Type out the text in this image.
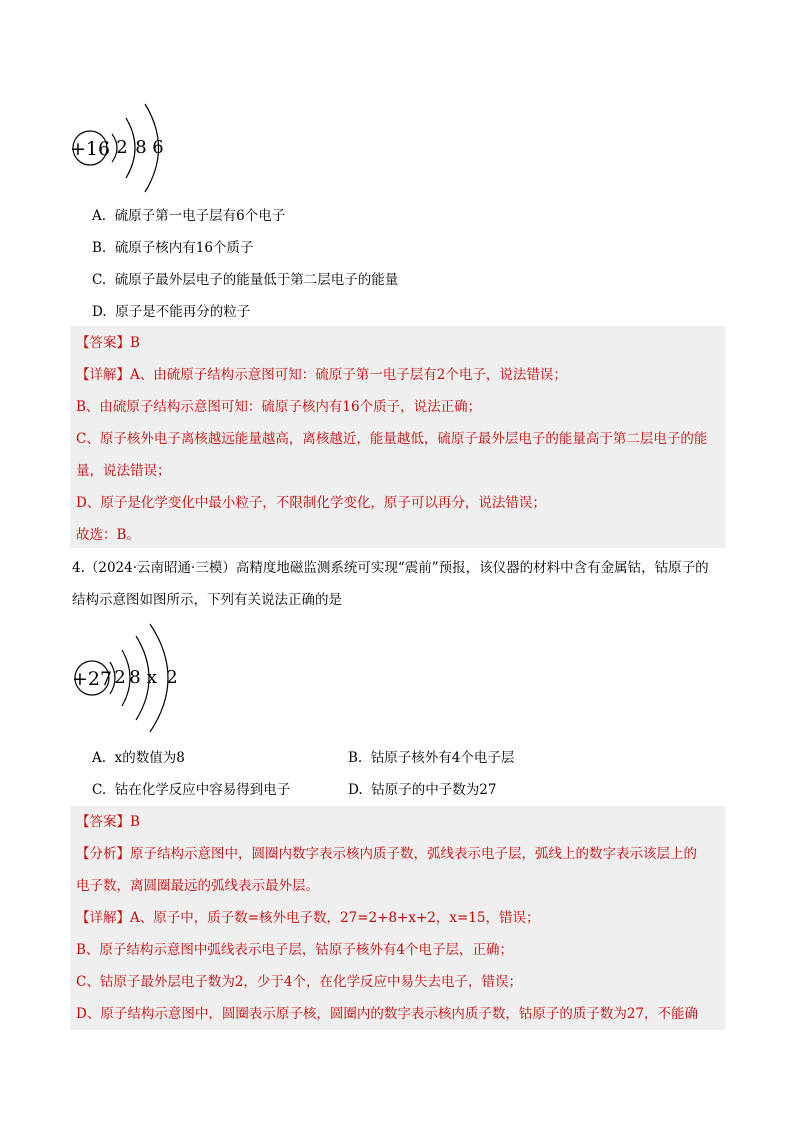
+16 2 8 6
A. 硫原子第一电子层有6个电子
B. 硫原子核内有16个质子
C. 硫原子最外层电子的能量低于第二层电子的能量
D. 原子是不能再分的粒子
【答案】B
【详解】A、由硫原子结构示意图可知：硫原子第一电子层有2个电子，说法错误；
B、由硫原子结构示意图可知：硫原子核内有16个质子，说法正确；
C、原子核外电子离核越远能量越高，离核越近，能量越低，硫原子最外层电子的能量高于第二层电子的能
量，说法错误；
D、原子是化学变化中最小粒子，不限制化学变化，原子可以再分，说法错误；
故选：B。
4.（2024·云南昭通·三模）高精度地磁监测系统可实现“震前”预报，该仪器的材料中含有金属钴，钴原子的
结构示意图如图所示，下列有关说法正确的是
+27 2 8 x 2
A. x的数值为8	B. 钴原子核外有4个电子层
C. 钴在化学反应中容易得到电子	D. 钴原子的中子数为27
【答案】B
【分析】原子结构示意图中，圆圈内数字表示核内质子数，弧线表示电子层，弧线上的数字表示该层上的
电子数，离圆圈最远的弧线表示最外层。
【详解】A、原子中，质子数=核外电子数，27=2+8+x+2，x=15，错误；
B、原子结构示意图中弧线表示电子层，钴原子核外有4个电子层，正确；
C、钴原子最外层电子数为2，少于4个，在化学反应中易失去电子，错误；
D、原子结构示意图中，圆圈表示原子核，圆圈内的数字表示核内质子数，钴原子的质子数为27，不能确
